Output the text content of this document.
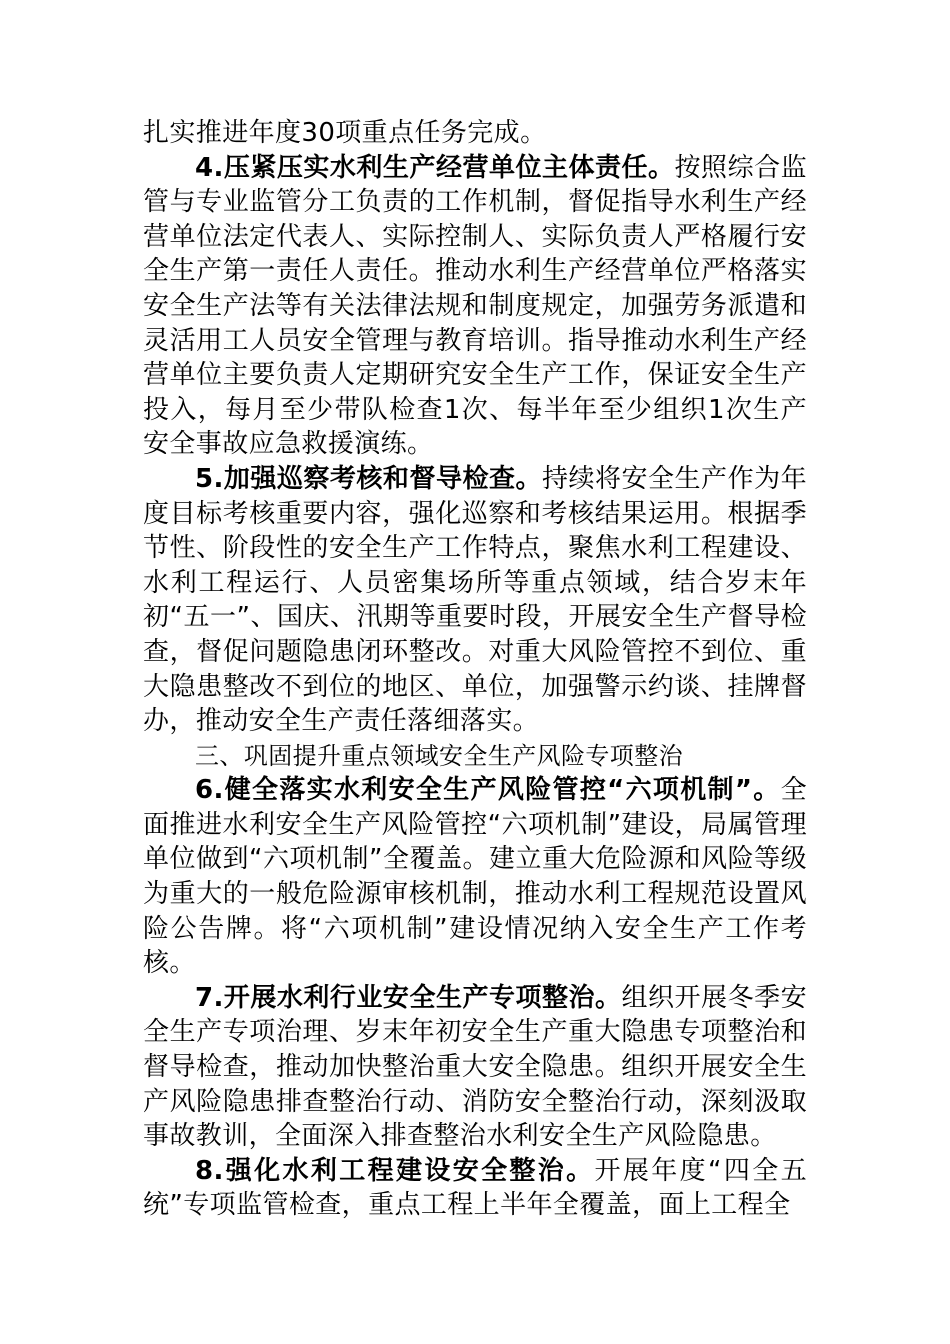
扎实推进年度30项重点任务完成。

4.压紧压实水利生产经营单位主体责任。按照综合监管与专业监管分工负责的工作机制，督促指导水利生产经营单位法定代表人、实际控制人、实际负责人严格履行安全生产第一责任人责任。推动水利生产经营单位严格落实安全生产法等有关法律法规和制度规定，加强劳务派遣和灵活用工人员安全管理与教育培训。指导推动水利生产经营单位主要负责人定期研究安全生产工作，保证安全生产投入，每月至少带队检查1次、每半年至少组织1次生产安全事故应急救援演练。

5.加强巡察考核和督导检查。持续将安全生产作为年度目标考核重要内容，强化巡察和考核结果运用。根据季节性、阶段性的安全生产工作特点，聚焦水利工程建设、水利工程运行、人员密集场所等重点领域，结合岁末年初“五一”、国庆、汛期等重要时段，开展安全生产督导检查，督促问题隐患闭环整改。对重大风险管控不到位、重大隐患整改不到位的地区、单位，加强警示约谈、挂牌督办，推动安全生产责任落细落实。

三、巩固提升重点领域安全生产风险专项整治

6.健全落实水利安全生产风险管控“六项机制”。全面推进水利安全生产风险管控“六项机制”建设，局属管理单位做到“六项机制”全覆盖。建立重大危险源和风险等级为重大的一般危险源审核机制，推动水利工程规范设置风险公告牌。将“六项机制”建设情况纳入安全生产工作考核。

7.开展水利行业安全生产专项整治。组织开展冬季安全生产专项治理、岁末年初安全生产重大隐患专项整治和督导检查，推动加快整治重大安全隐患。组织开展安全生产风险隐患排查整治行动、消防安全整治行动，深刻汲取事故教训，全面深入排查整治水利安全生产风险隐患。

8.强化水利工程建设安全整治。开展年度“四全五统”专项监管检查，重点工程上半年全覆盖，面上工程全
